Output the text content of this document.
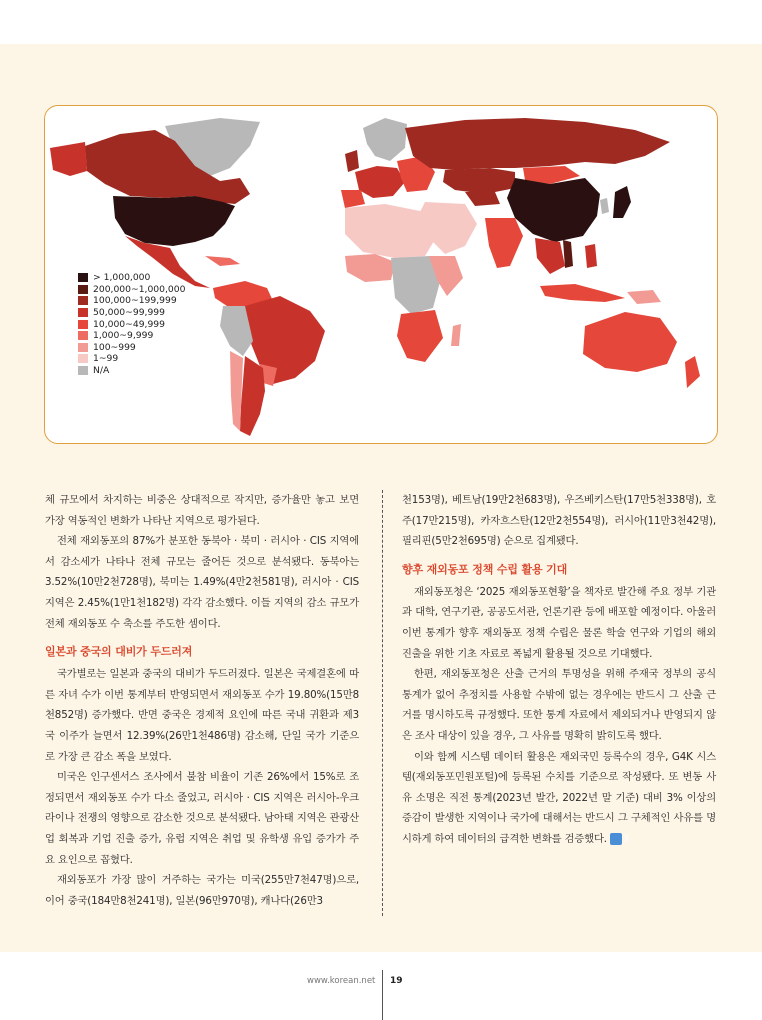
> 1,000,000
200,000~1,000,000
100,000~199,999
50,000~99,999
10,000~49,999
1,000~9,999
100~999
1~99
N/A

체 규모에서 차지하는 비중은 상대적으로 작지만, 증가율만 놓고 보면 가장 역동적인 변화가 나타난 지역으로 평가된다.

전체 재외동포의 87%가 분포한 동북아 · 북미 · 러시아 · CIS 지역에서 감소세가 나타나 전체 규모는 줄어든 것으로 분석됐다. 동북아는 3.52%(10만2천728명), 북미는 1.49%(4만2천581명), 러시아 · CIS 지역은 2.45%(1만1천182명) 각각 감소했다. 이들 지역의 감소 규모가 전체 재외동포 수 축소를 주도한 셈이다.

일본과 중국의 대비가 두드러져

국가별로는 일본과 중국의 대비가 두드러졌다. 일본은 국제결혼에 따른 자녀 수가 이번 통계부터 반영되면서 재외동포 수가 19.80%(15만8천852명) 증가했다. 반면 중국은 경제적 요인에 따른 국내 귀환과 제3국 이주가 늘면서 12.39%(26만1천486명) 감소해, 단일 국가 기준으로 가장 큰 감소 폭을 보였다.

미국은 인구센서스 조사에서 불참 비율이 기존 26%에서 15%로 조정되면서 재외동포 수가 다소 줄었고, 러시아 · CIS 지역은 러시아-우크라이나 전쟁의 영향으로 감소한 것으로 분석됐다. 남아태 지역은 관광산업 회복과 기업 진출 증가, 유럽 지역은 취업 및 유학생 유입 증가가 주요 요인으로 꼽혔다.

재외동포가 가장 많이 거주하는 국가는 미국(255만7천47명)으로, 이어 중국(184만8천241명), 일본(96만970명), 캐나다(26만3

천153명), 베트남(19만2천683명), 우즈베키스탄(17만5천338명), 호주(17만215명), 카자흐스탄(12만2천554명), 러시아(11만3천42명), 필리핀(5만2천695명) 순으로 집계됐다.

향후 재외동포 정책 수립 활용 기대

재외동포청은 ‘2025 재외동포현황’을 책자로 발간해 주요 정부 기관과 대학, 연구기관, 공공도서관, 언론기관 등에 배포할 예정이다. 아울러 이번 통계가 향후 재외동포 정책 수립은 물론 학술 연구와 기업의 해외 진출을 위한 기초 자료로 폭넓게 활용될 것으로 기대했다.

한편, 재외동포청은 산출 근거의 투명성을 위해 주재국 정부의 공식 통계가 없어 추정치를 사용할 수밖에 없는 경우에는 반드시 그 산출 근거를 명시하도록 규정했다. 또한 통계 자료에서 제외되거나 반영되지 않은 조사 대상이 있을 경우, 그 사유를 명확히 밝히도록 했다.

이와 함께 시스템 데이터 활용은 재외국민 등록수의 경우, G4K 시스템(재외동포민원포털)에 등록된 수치를 기준으로 작성됐다. 또 변동 사유 소명은 직전 통계(2023년 발간, 2022년 말 기준) 대비 3% 이상의 증감이 발생한 지역이나 국가에 대해서는 반드시 그 구체적인 사유를 명시하게 하여 데이터의 급격한 변화를 검증했다. 창

www.korean.net 19
